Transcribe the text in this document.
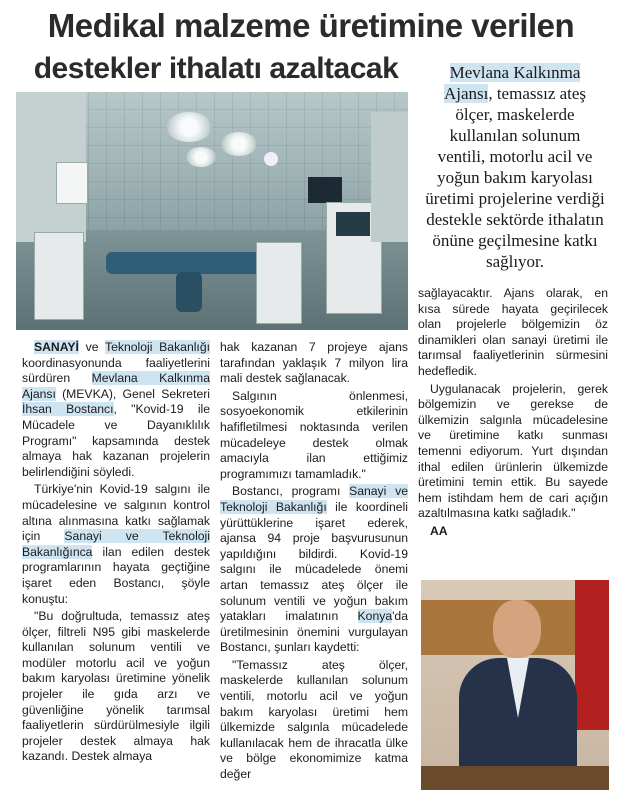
Medikal malzeme üretimine verilen
destekler ithalatı azaltacak	Mevlana Kalkınma Ajansı, temassız ateş ölçer, maskelerde kullanılan solunum ventili, motorlu acil ve yoğun bakım karyolası üretimi projelerine verdiği destekle sektörde ithalatın önüne geçilmesine katkı sağlıyor.

SANAYİ ve Teknoloji Bakanlığı koordinasyonunda faaliyetlerini sürdüren Mevlana Kalkınma Ajansı (MEVKA), Genel Sekreteri İhsan Bostancı, "Kovid-19 ile Mücadele ve Dayanıklılık Programı" kapsamında destek almaya hak kazanan projelerin belirlendiğini söyledi.

Türkiye'nin Kovid-19 salgını ile mücadelesine ve salgının kontrol altına alınmasına katkı sağlamak için Sanayi ve Teknoloji Bakanlığınca ilan edilen destek programlarının hayata geçtiğine işaret eden Bostancı, şöyle konuştu:

"Bu doğrultuda, temassız ateş ölçer, filtreli N95 gibi maskelerde kullanılan solunum ventili ve modüler motorlu acil ve yoğun bakım karyolası üretimine yönelik projeler ile gıda arzı ve güvenliğine yönelik tarımsal faaliyetlerin sürdürülmesiyle ilgili projeler destek almaya hak kazandı. Destek almaya

hak kazanan 7 projeye ajans tarafından yaklaşık 7 milyon lira mali destek sağlanacak.

Salgının önlenmesi, sosyoekonomik etkilerinin hafifletilmesi noktasında verilen mücadeleye destek olmak amacıyla ilan ettiğimiz programımızı tamamladık."

Bostancı, programı Sanayi ve Teknoloji Bakanlığı ile koordineli yürüttüklerine işaret ederek, ajansa 94 proje başvurusunun yapıldığını bildirdi. Kovid-19 salgını ile mücadelede önemi artan temassız ateş ölçer ile solunum ventili ve yoğun bakım yatakları imalatının Konya'da üretilmesinin önemini vurgulayan Bostancı, şunları kaydetti:

"Temassız ateş ölçer, maskelerde kullanılan solunum ventili, motorlu acil ve yoğun bakım karyolası üretimi hem ülkemizde salgınla mücadelede kullanılacak hem de ihracatla ülke ve bölge ekonomimize katma değer

sağlayacaktır. Ajans olarak, en kısa sürede hayata geçirilecek olan projelerle bölgemizin öz dinamikleri olan sanayi üretimi ile tarımsal faaliyetlerinin sürmesini hedefledik.

Uygulanacak projelerin, gerek bölgemizin ve gerekse de ülkemizin salgınla mücadelesine ve üretimine katkı sunması temenni ediyorum. Yurt dışından ithal edilen ürünlerin ülkemizde üretimini temin ettik. Bu sayede hem istihdam hem de cari açığın azaltılmasına katkı sağladık."

AA
